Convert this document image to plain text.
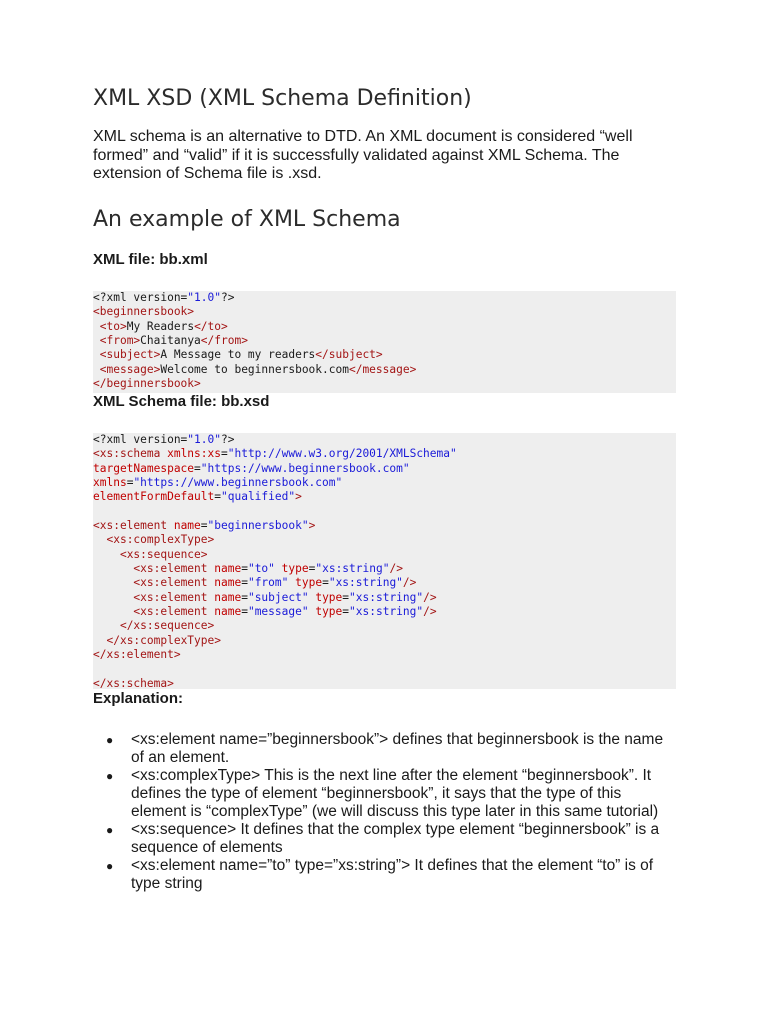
XML XSD (XML Schema Definition)

XML schema is an alternative to DTD. An XML document is considered “well formed” and “valid” if it is successfully validated against XML Schema. The extension of Schema file is .xsd.

An example of XML Schema

XML file: bb.xml

<?xml version="1.0"?>
<beginnersbook>
<to>My Readers</to>
<from>Chaitanya</from>
<subject>A Message to my readers</subject>
<message>Welcome to beginnersbook.com</message>
</beginnersbook>

XML Schema file: bb.xsd

<?xml version="1.0"?>
<xs:schema xmlns:xs="http://www.w3.org/2001/XMLSchema"
targetNamespace="https://www.beginnersbook.com"
xmlns="https://www.beginnersbook.com"
elementFormDefault="qualified">

<xs:element name="beginnersbook">
<xs:complexType>
<xs:sequence>
<xs:element name="to" type="xs:string"/>
<xs:element name="from" type="xs:string"/>
<xs:element name="subject" type="xs:string"/>
<xs:element name="message" type="xs:string"/>
</xs:sequence>
</xs:complexType>
</xs:element>

</xs:schema>

Explanation:

● <xs:element name=”beginnersbook”> defines that beginnersbook is the name of an element.
● <xs:complexType> This is the next line after the element “beginnersbook”. It defines the type of element “beginnersbook”, it says that the type of this element is “complexType” (we will discuss this type later in this same tutorial)
● <xs:sequence> It defines that the complex type element “beginnersbook” is a sequence of elements
● <xs:element name=”to” type=”xs:string”> It defines that the element “to” is of type string
